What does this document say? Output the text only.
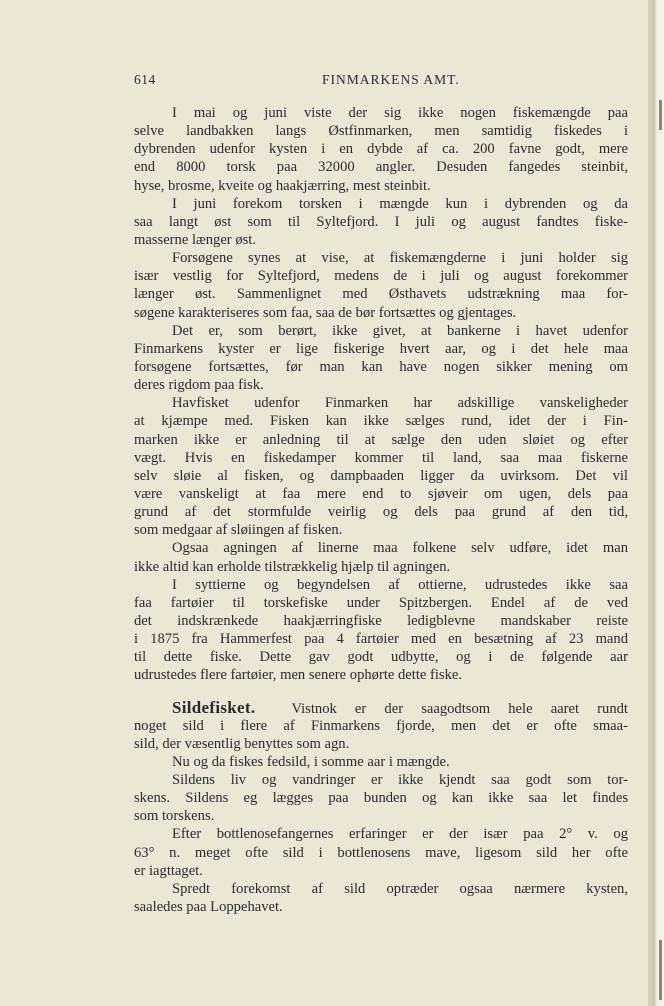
614	FINMARKENS AMT.
I mai og juni viste der sig ikke nogen fiskemængde paa
selve landbakken langs Østfinmarken, men samtidig fiskedes i
dybrenden udenfor kysten i en dybde af ca. 200 favne godt, mere
end 8000 torsk paa 32000 angler. Desuden fangedes steinbit,
hyse, brosme, kveite og haakjærring, mest steinbit.
I juni forekom torsken i mængde kun i dybrenden og da
saa langt øst som til Syltefjord. I juli og august fandtes fiske-
masserne længer øst.
Forsøgene synes at vise, at fiskemængderne i juni holder sig
især vestlig for Syltefjord, medens de i juli og august forekommer
længer øst. Sammenlignet med Østhavets udstrækning maa for-
søgene karakteriseres som faa, saa de bør fortsættes og gjentages.
Det er, som berørt, ikke givet, at bankerne i havet udenfor
Finmarkens kyster er lige fiskerige hvert aar, og i det hele maa
forsøgene fortsættes, før man kan have nogen sikker mening om
deres rigdom paa fisk.
Havfisket udenfor Finmarken har adskillige vanskeligheder
at kjæmpe med. Fisken kan ikke sælges rund, idet der i Fin-
marken ikke er anledning til at sælge den uden sløiet og efter
vægt. Hvis en fiskedamper kommer til land, saa maa fiskerne
selv sløie al fisken, og dampbaaden ligger da uvirksom. Det vil
være vanskeligt at faa mere end to sjøveir om ugen, dels paa
grund af det stormfulde veirlig og dels paa grund af den tid,
som medgaar af sløiingen af fisken.
Ogsaa agningen af linerne maa folkene selv udføre, idet man
ikke altid kan erholde tilstrækkelig hjælp til agningen.
I syttierne og begyndelsen af ottierne, udrustedes ikke saa
faa fartøier til torskefiske under Spitzbergen. Endel af de ved
det indskrænkede haakjærringfiske ledigblevne mandskaber reiste
i 1875 fra Hammerfest paa 4 fartøier med en besætning af 23 mand
til dette fiske. Dette gav godt udbytte, og i de følgende aar
udrustedes flere fartøier, men senere ophørte dette fiske.
Sildefisket. Vistnok er der saagodtsom hele aaret rundt
noget sild i flere af Finmarkens fjorde, men det er ofte smaa-
sild, der væsentlig benyttes som agn.
Nu og da fiskes fedsild, i somme aar i mængde.
Sildens liv og vandringer er ikke kjendt saa godt som tor-
skens. Sildens eg lægges paa bunden og kan ikke saa let findes
som torskens.
Efter bottlenosefangernes erfaringer er der især paa 2° v. og
63° n. meget ofte sild i bottlenosens mave, ligesom sild her ofte
er iagttaget.
Spredt forekomst af sild optræder ogsaa nærmere kysten,
saaledes paa Loppehavet.
